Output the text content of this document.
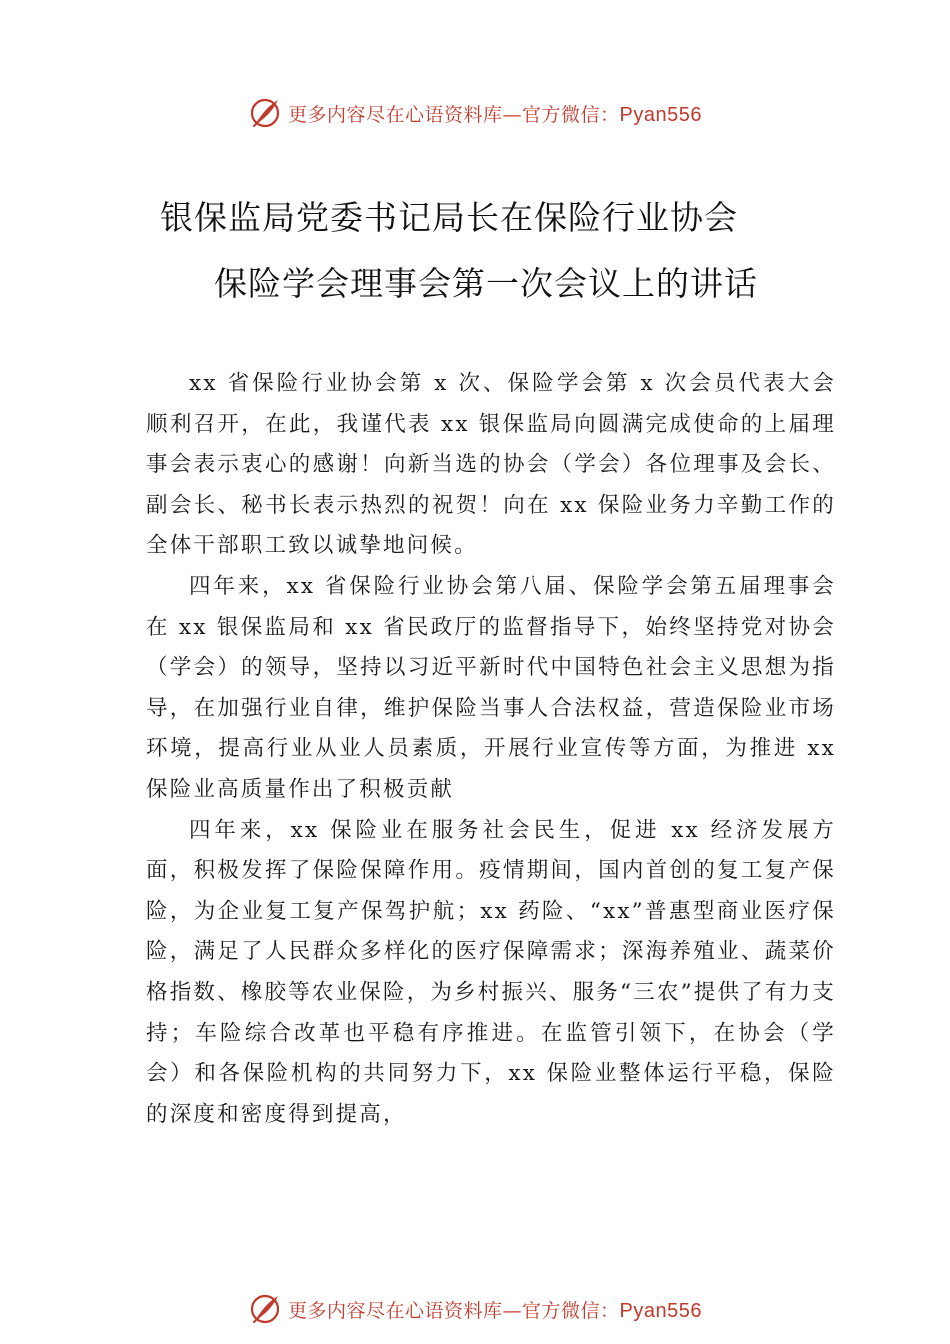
更多内容尽在心语资料库—官方微信：Pyan556
银保监局党委书记局长在保险行业协会
保险学会理事会第一次会议上的讲话

xx 省保险行业协会第 x 次、保险学会第 x 次会员代表大会顺利召开，在此，我谨代表 xx 银保监局向圆满完成使命的上届理事会表示衷心的感谢！向新当选的协会（学会）各位理事及会长、副会长、秘书长表示热烈的祝贺！向在 xx 保险业务力辛勤工作的全体干部职工致以诚挚地问候。

四年来，xx 省保险行业协会第八届、保险学会第五届理事会在 xx 银保监局和 xx 省民政厅的监督指导下，始终坚持党对协会（学会）的领导，坚持以习近平新时代中国特色社会主义思想为指导，在加强行业自律，维护保险当事人合法权益，营造保险业市场环境，提高行业从业人员素质，开展行业宣传等方面，为推进 xx 保险业高质量作出了积极贡献

四年来，xx 保险业在服务社会民生，促进 xx 经济发展方面，积极发挥了保险保障作用。疫情期间，国内首创的复工复产保险，为企业复工复产保驾护航；xx 药险、“xx”普惠型商业医疗保险，满足了人民群众多样化的医疗保障需求；深海养殖业、蔬菜价格指数、橡胶等农业保险，为乡村振兴、服务“三农”提供了有力支持；车险综合改革也平稳有序推进。在监管引领下，在协会（学会）和各保险机构的共同努力下，xx 保险业整体运行平稳，保险的深度和密度得到提高，

更多内容尽在心语资料库—官方微信：Pyan556
